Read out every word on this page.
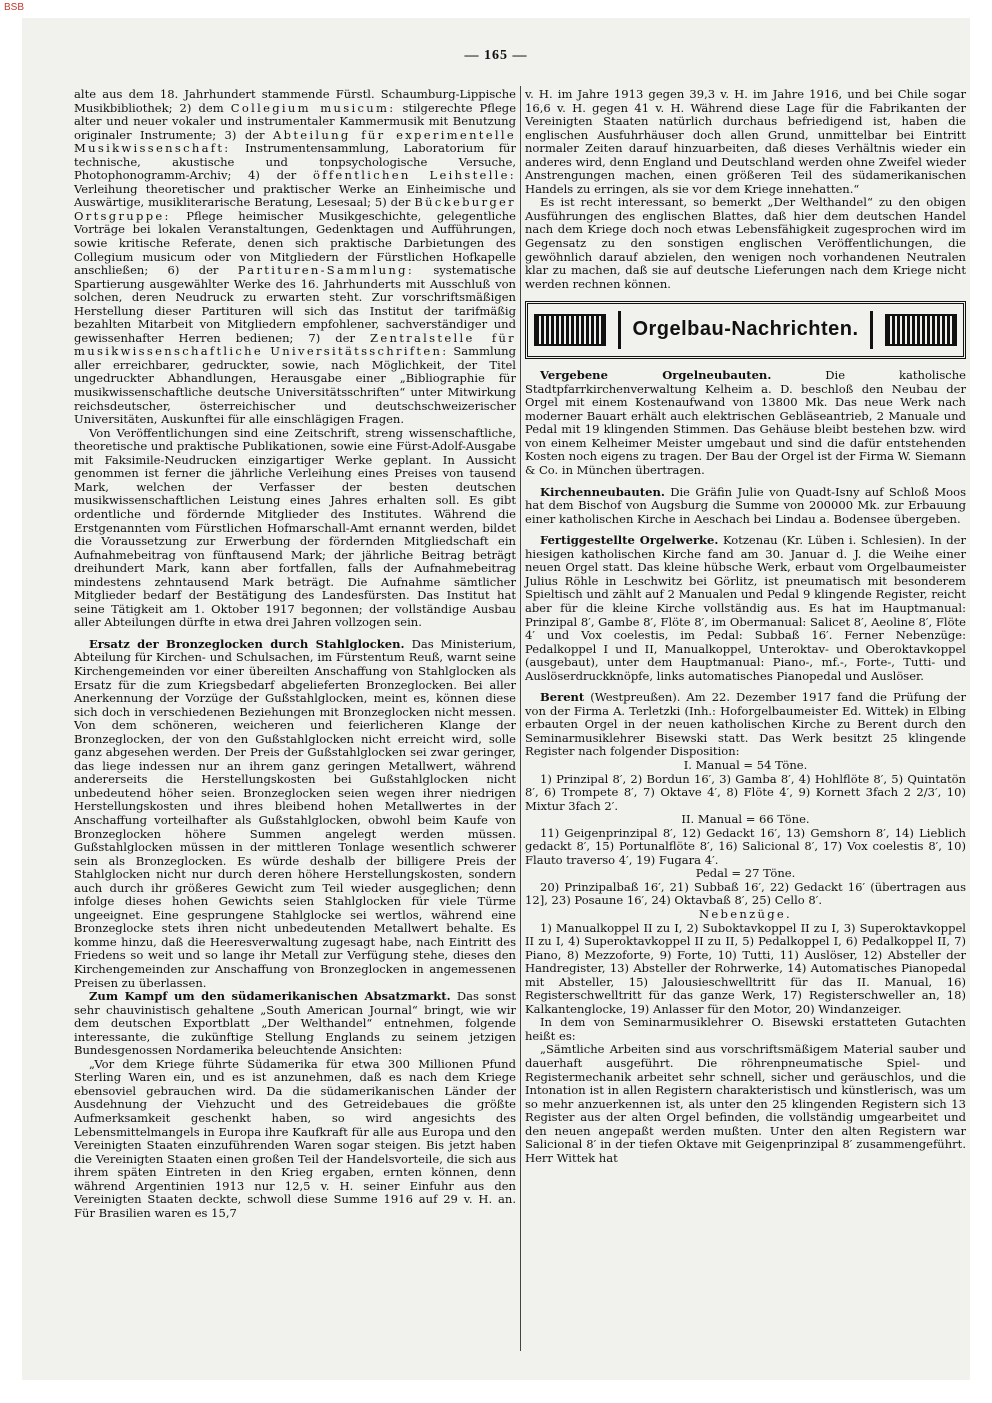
BSB
— 165 —

alte aus dem 18. Jahrhundert stammende Fürstl. Schaumburg-Lippische Musikbibliothek; 2) dem Collegium musicum: stilgerechte Pflege alter und neuer vokaler und instrumentaler Kammermusik mit Benutzung originaler Instrumente; 3) der Abteilung für experimentelle Musikwissenschaft: Instrumentensammlung, Laboratorium für technische, akustische und tonpsychologische Versuche, Photophonogramm-Archiv; 4) der öffentlichen Leihstelle: Verleihung theoretischer und praktischer Werke an Einheimische und Auswärtige, musikliterarische Beratung, Lesesaal; 5) der Bückeburger Ortsgruppe: Pflege heimischer Musikgeschichte, gelegentliche Vorträge bei lokalen Veranstaltungen, Gedenktagen und Aufführungen, sowie kritische Referate, denen sich praktische Darbietungen des Collegium musicum oder von Mitgliedern der Fürstlichen Hofkapelle anschließen; 6) der Partituren-Sammlung: systematische Spartierung ausgewählter Werke des 16. Jahrhunderts mit Ausschluß von solchen, deren Neudruck zu erwarten steht. Zur vorschriftsmäßigen Herstellung dieser Partituren will sich das Institut der tarifmäßig bezahlten Mitarbeit von Mitgliedern empfohlener, sachverständiger und gewissenhafter Herren bedienen; 7) der Zentralstelle für musikwissenschaftliche Universitätsschriften: Sammlung aller erreichbarer, gedruckter, sowie, nach Möglichkeit, der Titel ungedruckter Abhandlungen, Herausgabe einer „Bibliographie für musikwissenschaftliche deutsche Universitätsschriften“ unter Mitwirkung reichsdeutscher, österreichischer und deutschschweizerischer Universitäten, Auskunftei für alle einschlägigen Fragen.

Von Veröffentlichungen sind eine Zeitschrift, streng wissenschaftliche, theoretische und praktische Publikationen, sowie eine Fürst-Adolf-Ausgabe mit Faksimile-Neudrucken einzigartiger Werke geplant. In Aussicht genommen ist ferner die jährliche Verleihung eines Preises von tausend Mark, welchen der Verfasser der besten deutschen musikwissenschaftlichen Leistung eines Jahres erhalten soll. Es gibt ordentliche und fördernde Mitglieder des Institutes. Während die Erstgenannten vom Fürstlichen Hofmarschall-Amt ernannt werden, bildet die Voraussetzung zur Erwerbung der fördernden Mitgliedschaft ein Aufnahmebeitrag von fünftausend Mark; der jährliche Beitrag beträgt dreihundert Mark, kann aber fortfallen, falls der Aufnahmebeitrag mindestens zehntausend Mark beträgt. Die Aufnahme sämtlicher Mitglieder bedarf der Bestätigung des Landesfürsten. Das Institut hat seine Tätigkeit am 1. Oktober 1917 begonnen; der vollständige Ausbau aller Abteilungen dürfte in etwa drei Jahren vollzogen sein.

Ersatz der Bronzeglocken durch Stahlglocken. Das Ministerium, Abteilung für Kirchen- und Schulsachen, im Fürstentum Reuß, warnt seine Kirchengemeinden vor einer übereilten Anschaffung von Stahlglocken als Ersatz für die zum Kriegsbedarf abgelieferten Bronzeglocken. Bei aller Anerkennung der Vorzüge der Gußstahlglocken, meint es, können diese sich doch in verschiedenen Beziehungen mit Bronzeglocken nicht messen. Von dem schöneren, weicheren und feierlicheren Klange der Bronzeglocken, der von den Gußstahlglocken nicht erreicht wird, solle ganz abgesehen werden. Der Preis der Gußstahlglocken sei zwar geringer, das liege indessen nur an ihrem ganz geringen Metallwert, während andererseits die Herstellungskosten bei Gußstahlglocken nicht unbedeutend höher seien. Bronzeglocken seien wegen ihrer niedrigen Herstellungskosten und ihres bleibend hohen Metallwertes in der Anschaffung vorteilhafter als Gußstahlglocken, obwohl beim Kaufe von Bronzeglocken höhere Summen angelegt werden müssen. Gußstahlglocken müssen in der mittleren Tonlage wesentlich schwerer sein als Bronzeglocken. Es würde deshalb der billigere Preis der Stahlglocken nicht nur durch deren höhere Herstellungskosten, sondern auch durch ihr größeres Gewicht zum Teil wieder ausgeglichen; denn infolge dieses hohen Gewichts seien Stahlglocken für viele Türme ungeeignet. Eine gesprungene Stahlglocke sei wertlos, während eine Bronzeglocke stets ihren nicht unbedeutenden Metallwert behalte. Es komme hinzu, daß die Heeresverwaltung zugesagt habe, nach Eintritt des Friedens so weit und so lange ihr Metall zur Verfügung stehe, dieses den Kirchengemeinden zur Anschaffung von Bronzeglocken in angemessenen Preisen zu überlassen.

Zum Kampf um den südamerikanischen Absatzmarkt. Das sonst sehr chauvinistisch gehaltene „South American Journal“ bringt, wie wir dem deutschen Exportblatt „Der Welthandel“ entnehmen, folgende interessante, die zukünftige Stellung Englands zu seinem jetzigen Bundesgenossen Nordamerika beleuchtende Ansichten:

„Vor dem Kriege führte Südamerika für etwa 300 Millionen Pfund Sterling Waren ein, und es ist anzunehmen, daß es nach dem Kriege ebensoviel gebrauchen wird. Da die südamerikanischen Länder der Ausdehnung der Viehzucht und des Getreidebaues die größte Aufmerksamkeit geschenkt haben, so wird angesichts des Lebensmittelmangels in Europa ihre Kaufkraft für alle aus Europa und den Vereinigten Staaten einzuführenden Waren sogar steigen. Bis jetzt haben die Vereinigten Staaten einen großen Teil der Handelsvorteile, die sich aus ihrem späten Eintreten in den Krieg ergaben, ernten können, denn während Argentinien 1913 nur 12,5 v. H. seiner Einfuhr aus den Vereinigten Staaten deckte, schwoll diese Summe 1916 auf 29 v. H. an. Für Brasilien waren es 15,7

v. H. im Jahre 1913 gegen 39,3 v. H. im Jahre 1916, und bei Chile sogar 16,6 v. H. gegen 41 v. H. Während diese Lage für die Fabrikanten der Vereinigten Staaten natürlich durchaus befriedigend ist, haben die englischen Ausfuhrhäuser doch allen Grund, unmittelbar bei Eintritt normaler Zeiten darauf hinzuarbeiten, daß dieses Verhältnis wieder ein anderes wird, denn England und Deutschland werden ohne Zweifel wieder Anstrengungen machen, einen größeren Teil des südamerikanischen Handels zu erringen, als sie vor dem Kriege innehatten.“

Es ist recht interessant, so bemerkt „Der Welthandel“ zu den obigen Ausführungen des englischen Blattes, daß hier dem deutschen Handel nach dem Kriege doch noch etwas Lebensfähigkeit zugesprochen wird im Gegensatz zu den sonstigen englischen Veröffentlichungen, die gewöhnlich darauf abzielen, den wenigen noch vorhandenen Neutralen klar zu machen, daß sie auf deutsche Lieferungen nach dem Kriege nicht werden rechnen können.

Orgelbau-Nachrichten.

Vergebene Orgelneubauten.	Die katholische Stadtpfarrkirchenverwaltung Kelheim a. D. beschloß den Neubau der Orgel mit einem Kostenaufwand von 13800 Mk. Das neue Werk nach moderner Bauart erhält auch elektrischen Gebläseantrieb, 2 Manuale und Pedal mit 19 klingenden Stimmen. Das Gehäuse bleibt bestehen bzw. wird von einem Kelheimer Meister umgebaut und sind die dafür entstehenden Kosten noch eigens zu tragen. Der Bau der Orgel ist der Firma W. Siemann & Co. in München übertragen.

Kirchenneubauten. Die Gräfin Julie von Quadt-Isny auf Schloß Moos hat dem Bischof von Augsburg die Summe von 200000 Mk. zur Erbauung einer katholischen Kirche in Aeschach bei Lindau a. Bodensee übergeben.

Fertiggestellte Orgelwerke. Kotzenau (Kr. Lüben i. Schlesien). In der hiesigen katholischen Kirche fand am 30. Januar d. J. die Weihe einer neuen Orgel statt. Das kleine hübsche Werk, erbaut vom Orgelbaumeister Julius Röhle in Leschwitz bei Görlitz, ist pneumatisch mit besonderem Spieltisch und zählt auf 2 Manualen und Pedal 9 klingende Register, reicht aber für die kleine Kirche vollständig aus. Es hat im Hauptmanual: Prinzipal 8′, Gambe 8′, Flöte 8′, im Obermanual: Salicet 8′, Aeoline 8′, Flöte 4′ und Vox coelestis, im Pedal: Subbaß 16′. Ferner Nebenzüge: Pedalkoppel I und II, Manualkoppel, Unteroktav- und Oberoktavkoppel (ausgebaut), unter dem Hauptmanual: Piano-, mf.-, Forte-, Tutti- und Auslöserdruckknöpfe, links automatisches Pianopedal und Auslöser.

Berent (Westpreußen). Am 22. Dezember 1917 fand die Prüfung der von der Firma A. Terletzki (Inh.: Hoforgelbaumeister Ed. Wittek) in Elbing erbauten Orgel in der neuen katholischen Kirche zu Berent durch den Seminarmusiklehrer Bisewski statt. Das Werk besitzt 25 klingende Register nach folgender Disposition:

I. Manual = 54 Töne.

1) Prinzipal 8′, 2) Bordun 16′, 3) Gamba 8′, 4) Hohlflöte 8′, 5) Quintatön 8′, 6) Trompete 8′, 7) Oktave 4′, 8) Flöte 4′, 9) Kornett 3fach 2 2/3′, 10) Mixtur 3fach 2′.

II. Manual = 66 Töne.

11) Geigenprinzipal 8′, 12) Gedackt 16′, 13) Gemshorn 8′, 14) Lieblich gedackt 8′, 15) Portunalflöte 8′, 16) Salicional 8′, 17) Vox coelestis 8′, 10) Flauto traverso 4′, 19) Fugara 4′.

Pedal = 27 Töne.

20) Prinzipalbaß 16′, 21) Subbaß 16′, 22) Gedackt 16′ (übertragen aus 12], 23) Posaune 16′, 24) Oktavbaß 8′, 25) Cello 8′.

Nebenzüge.

1) Manualkoppel II zu I, 2) Suboktavkoppel II zu I, 3) Superoktavkoppel II zu I, 4) Superoktavkoppel II zu II, 5) Pedalkoppel I, 6) Pedalkoppel II, 7) Piano, 8) Mezzoforte, 9) Forte, 10) Tutti, 11) Auslöser, 12) Absteller der Handregister, 13) Absteller der Rohrwerke, 14) Automatisches Pianopedal mit Absteller, 15) Jalousieschwelltritt für das II. Manual, 16) Registerschwelltritt für das ganze Werk, 17) Registerschweller an, 18) Kalkantenglocke, 19) Anlasser für den Motor, 20) Windanzeiger.

In dem von Seminarmusiklehrer O. Bisewski erstatteten Gutachten heißt es:

„Sämtliche Arbeiten sind aus vorschriftsmäßigem Material sauber und dauerhaft ausgeführt. Die röhrenpneumatische Spiel- und Registermechanik arbeitet sehr schnell, sicher und geräuschlos, und die Intonation ist in allen Registern charakteristisch und künstlerisch, was um so mehr anzuerkennen ist, als unter den 25 klingenden Registern sich 13 Register aus der alten Orgel befinden, die vollständig umgearbeitet und den neuen angepaßt werden mußten. Unter den alten Registern war Salicional 8′ in der tiefen Oktave mit Geigenprinzipal 8′ zusammengeführt. Herr Wittek hat
